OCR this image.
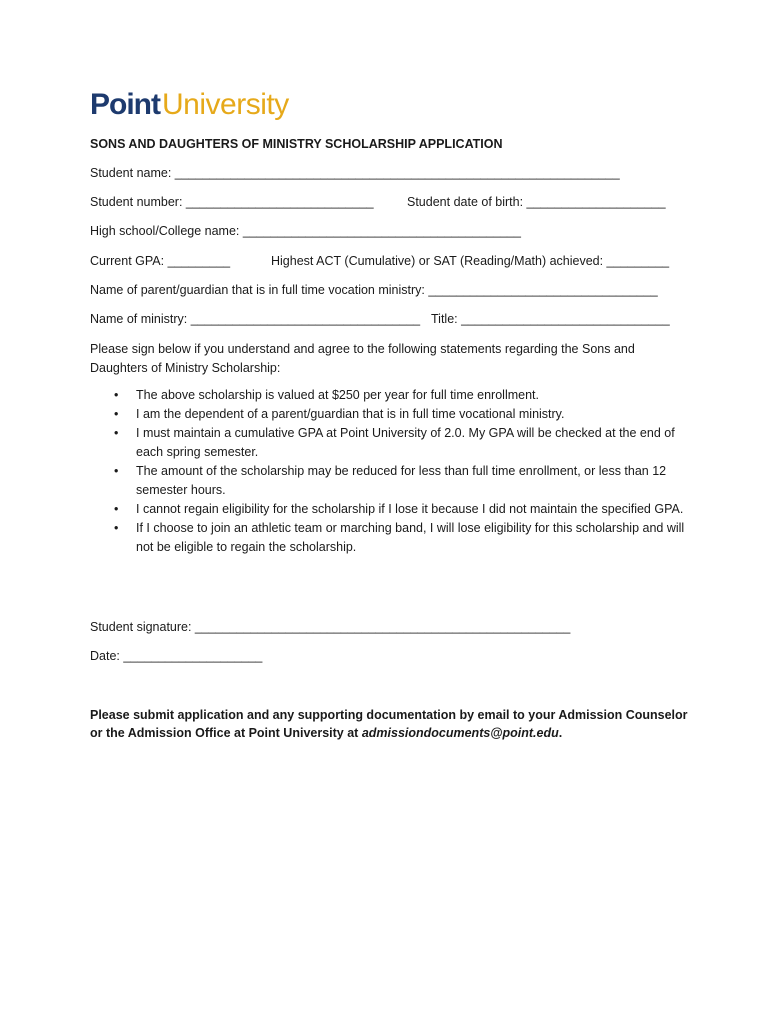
PointUniversity
SONS AND DAUGHTERS OF MINISTRY SCHOLARSHIP APPLICATION
Student name: ________________________________________________________________
Student number: ___________________________	Student date of birth: ____________________
High school/College name: ________________________________________
Current GPA: _________	Highest ACT (Cumulative) or SAT (Reading/Math) achieved: _________
Name of parent/guardian that is in full time vocation ministry: _________________________________
Name of ministry: _________________________________ Title: ______________________________
Please sign below if you understand and agree to the following statements regarding the Sons and Daughters of Ministry Scholarship:
• The above scholarship is valued at $250 per year for full time enrollment.
• I am the dependent of a parent/guardian that is in full time vocational ministry.
• I must maintain a cumulative GPA at Point University of 2.0. My GPA will be checked at the end of each spring semester.
• The amount of the scholarship may be reduced for less than full time enrollment, or less than 12 semester hours.
• I cannot regain eligibility for the scholarship if I lose it because I did not maintain the specified GPA.
• If I choose to join an athletic team or marching band, I will lose eligibility for this scholarship and will not be eligible to regain the scholarship.
Student signature: ______________________________________________________
Date: ____________________
Please submit application and any supporting documentation by email to your Admission Counselor or the Admission Office at Point University at admissiondocuments@point.edu.
